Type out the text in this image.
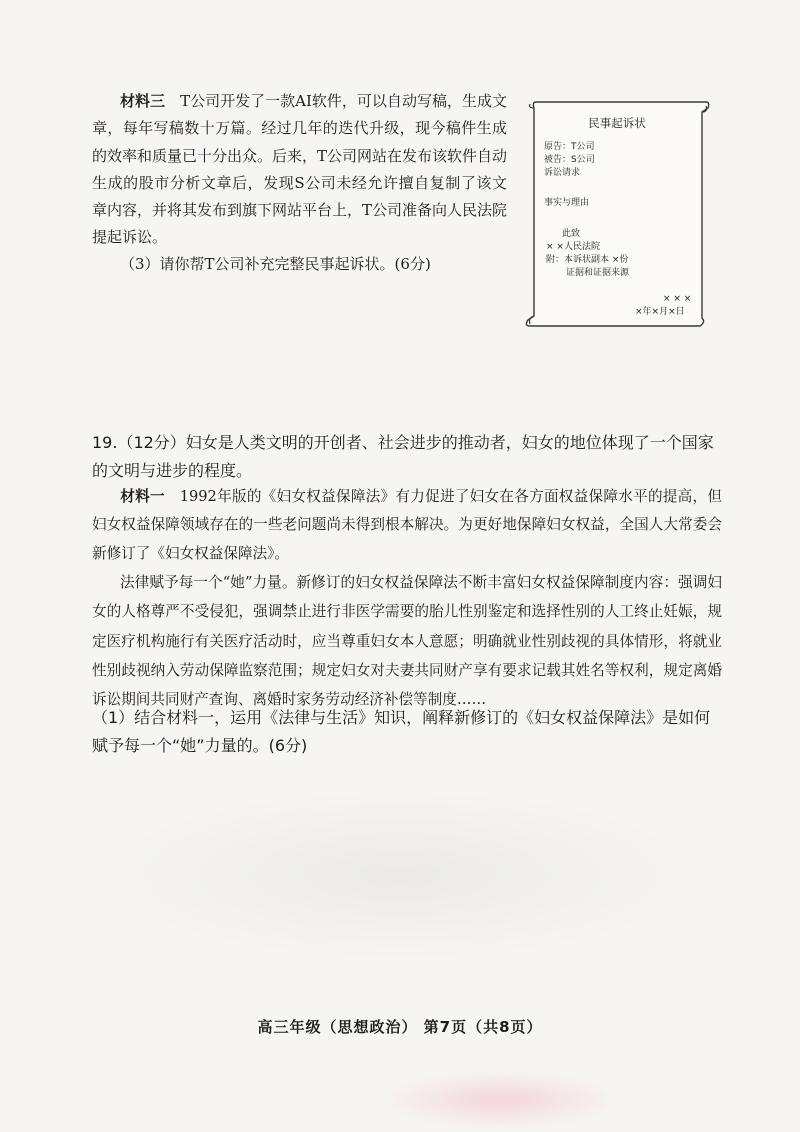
材料三　 T公司开发了一款AI软件，可以自动写稿，生成文章，每年写稿数十万篇。经过几年的迭代升级，现今稿件生成的效率和质量已十分出众。后来，T公司网站在发布该软件自动生成的股市分析文章后，发现S公司未经允许擅自复制了该文章内容，并将其发布到旗下网站平台上，T公司准备向人民法院提起诉讼。

（3）请你帮T公司补充完整民事起诉状。(6分)

民事起诉状
原告：T公司
被告：S公司
诉讼请求
事实与理由
此致
× ×人民法院
附：本诉状副本 ×份
证据和证据来源
× × ×
×年×月×日

19.（12分）妇女是人类文明的开创者、社会进步的推动者，妇女的地位体现了一个国家的文明与进步的程度。

材料一　 1992年版的《妇女权益保障法》有力促进了妇女在各方面权益保障水平的提高，但妇女权益保障领域存在的一些老问题尚未得到根本解决。为更好地保障妇女权益，全国人大常委会新修订了《妇女权益保障法》。

法律赋予每一个“她”力量。新修订的妇女权益保障法不断丰富妇女权益保障制度内容：强调妇女的人格尊严不受侵犯，强调禁止进行非医学需要的胎儿性别鉴定和选择性别的人工终止妊娠，规定医疗机构施行有关医疗活动时，应当尊重妇女本人意愿；明确就业性别歧视的具体情形，将就业性别歧视纳入劳动保障监察范围；规定妇女对夫妻共同财产享有要求记载其姓名等权利，规定离婚诉讼期间共同财产查询、离婚时家务劳动经济补偿等制度……

（1）结合材料一，运用《法律与生活》知识，阐释新修订的《妇女权益保障法》是如何赋予每一个“她”力量的。(6分)

高三年级（思想政治） 第7页（共8页）
